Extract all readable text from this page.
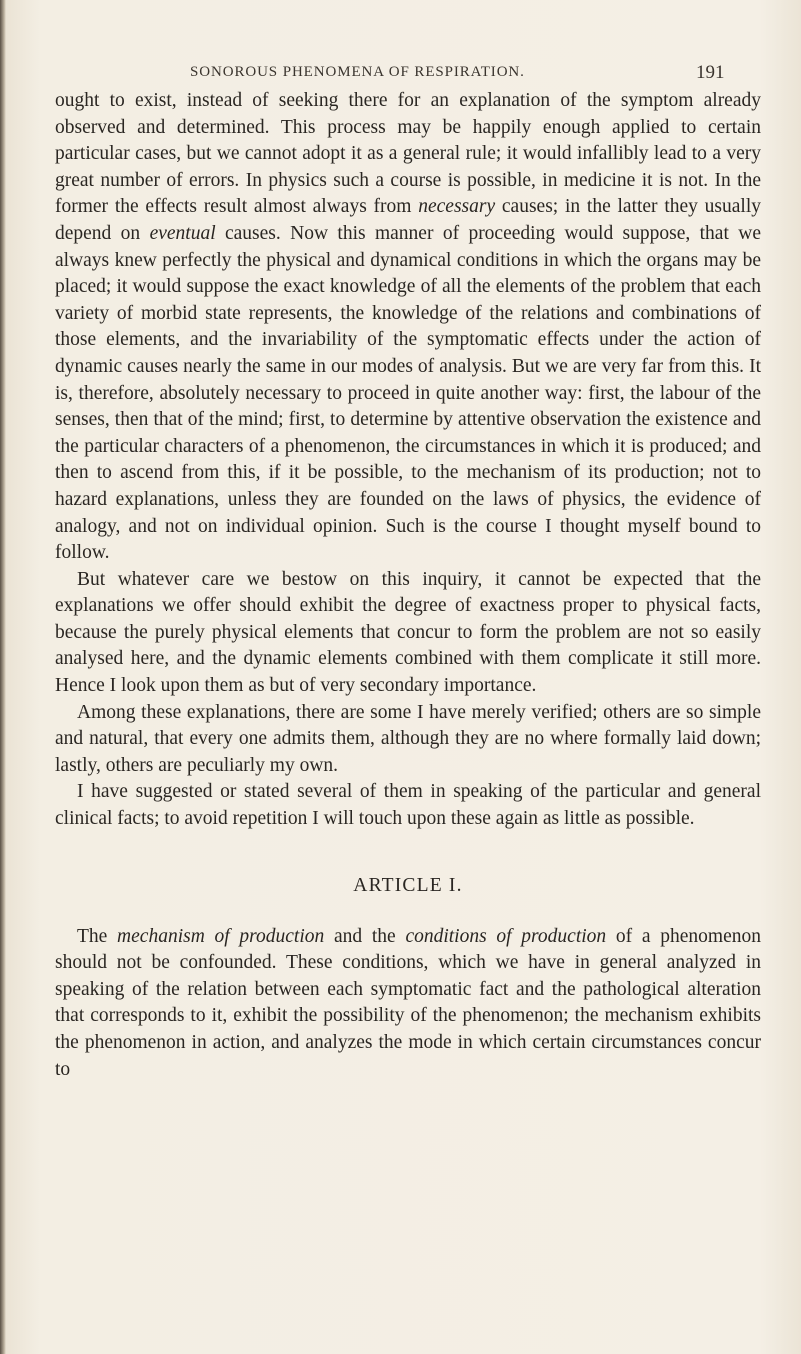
SONOROUS PHENOMENA OF RESPIRATION.	191

ought to exist, instead of seeking there for an explanation of the symptom already observed and determined. This process may be happily enough applied to certain particular cases, but we cannot adopt it as a general rule; it would infallibly lead to a very great number of errors. In physics such a course is possible, in medicine it is not. In the former the effects result almost always from necessary causes; in the latter they usually depend on eventual causes. Now this manner of proceeding would suppose, that we always knew perfectly the physical and dynamical conditions in which the organs may be placed; it would suppose the exact knowledge of all the elements of the problem that each variety of morbid state represents, the knowledge of the relations and combinations of those elements, and the invariability of the symptomatic effects under the action of dynamic causes nearly the same in our modes of analysis. But we are very far from this. It is, therefore, absolutely necessary to proceed in quite another way: first, the labour of the senses, then that of the mind; first, to determine by attentive observation the existence and the particular characters of a phenomenon, the circumstances in which it is produced; and then to ascend from this, if it be possible, to the mechanism of its production; not to hazard explanations, unless they are founded on the laws of physics, the evidence of analogy, and not on individual opinion. Such is the course I thought myself bound to follow.

But whatever care we bestow on this inquiry, it cannot be expected that the explanations we offer should exhibit the degree of exactness proper to physical facts, because the purely physical elements that concur to form the problem are not so easily analysed here, and the dynamic elements combined with them complicate it still more. Hence I look upon them as but of very secondary importance.

Among these explanations, there are some I have merely verified; others are so simple and natural, that every one admits them, although they are no where formally laid down; lastly, others are peculiarly my own.

I have suggested or stated several of them in speaking of the particular and general clinical facts; to avoid repetition I will touch upon these again as little as possible.

ARTICLE I.

The mechanism of production and the conditions of production of a phenomenon should not be confounded. These conditions, which we have in general analyzed in speaking of the relation between each symptomatic fact and the pathological alteration that corresponds to it, exhibit the possibility of the phenomenon; the mechanism exhibits the phenomenon in action, and analyzes the mode in which certain circumstances concur to
